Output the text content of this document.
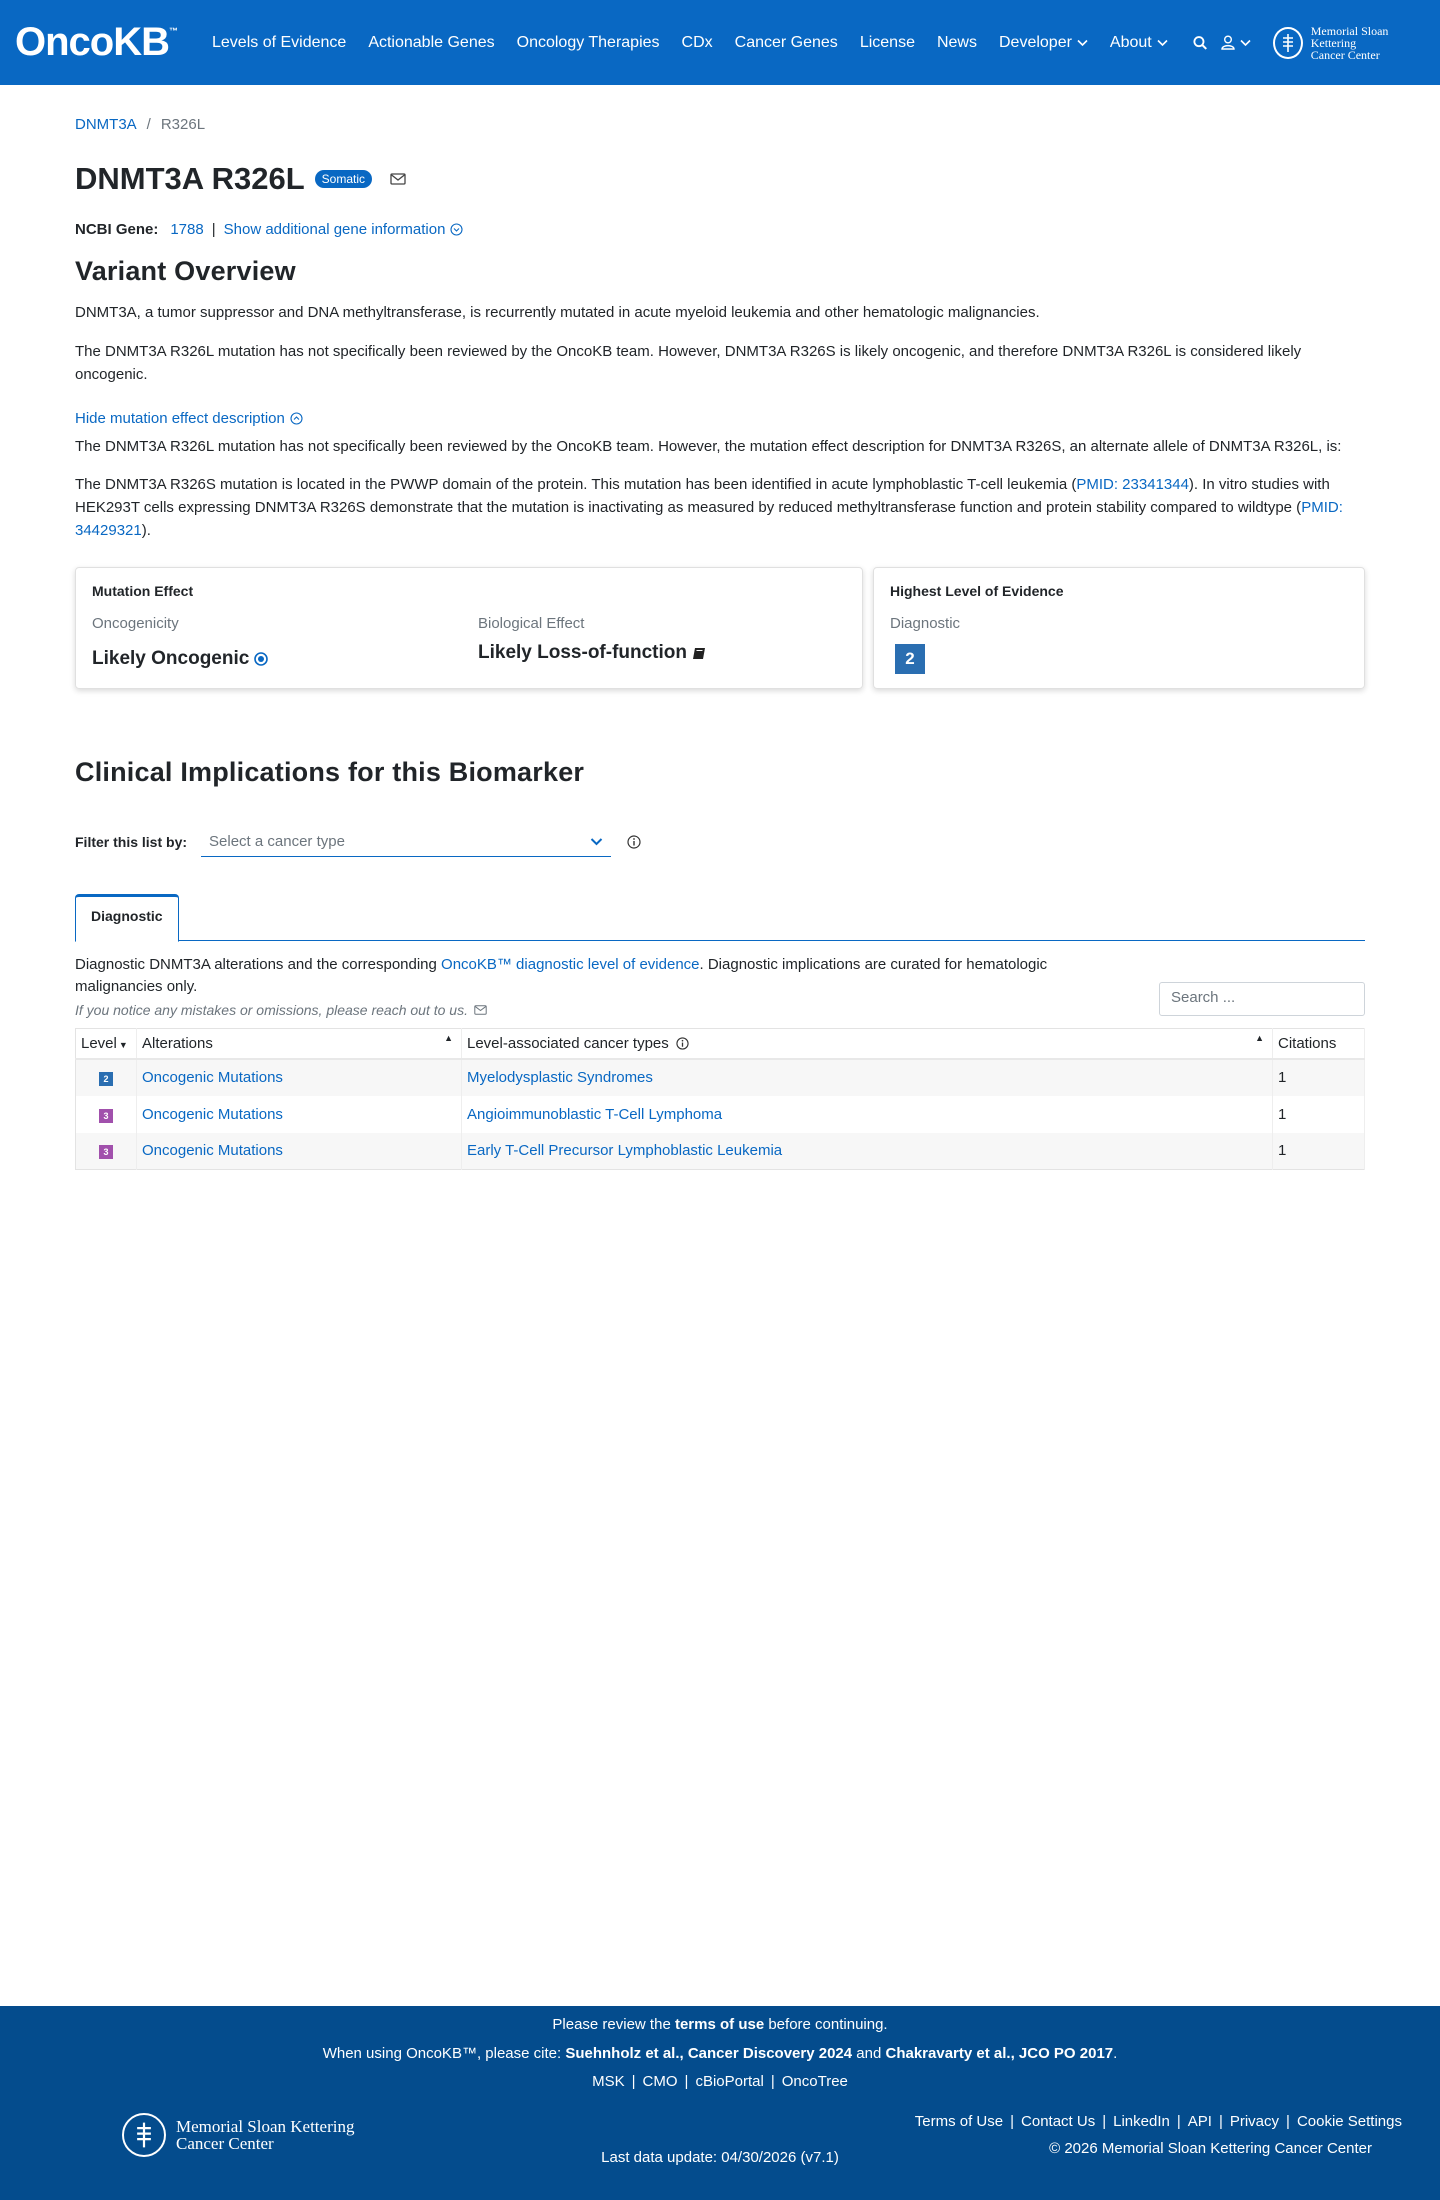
OncoKB ™
Levels of Evidence Actionable Genes Oncology Therapies CDx Cancer Genes License News Developer About
Memorial Sloan Kettering
Cancer Center
DNMT3A / R326L
DNMT3A R326L	Somatic
NCBI Gene: 1788 | Show additional gene information
Variant Overview

DNMT3A, a tumor suppressor and DNA methyltransferase, is recurrently mutated in acute myeloid leukemia and other hematologic malignancies.

The DNMT3A R326L mutation has not specifically been reviewed by the OncoKB team. However, DNMT3A R326S is likely oncogenic, and therefore DNMT3A R326L is considered likely oncogenic.

Hide mutation effect description

The DNMT3A R326L mutation has not specifically been reviewed by the OncoKB team. However, the mutation effect description for DNMT3A R326S, an alternate allele of DNMT3A R326L, is:

The DNMT3A R326S mutation is located in the PWWP domain of the protein. This mutation has been identified in acute lymphoblastic T-cell leukemia (PMID: 23341344). In vitro studies with HEK293T cells expressing DNMT3A R326S demonstrate that the mutation is inactivating as measured by reduced methyltransferase function and protein stability compared to wildtype (PMID: 34429321).

Mutation Effect
Oncogenicity
Likely Oncogenic
Biological Effect
Likely Loss-of-function
Highest Level of Evidence
Diagnostic
2
Clinical Implications for this Biomarker
Filter this list by: Select a cancer type
Diagnostic
Diagnostic DNMT3A alterations and the corresponding OncoKB™ diagnostic level of evidence. Diagnostic implications are curated for hematologic malignancies only.
If you notice any mistakes or omissions, please reach out to us.
Search ...
Level ▼	Alterations ▲	Level-associated cancer types ▲	Citations
2	Oncogenic Mutations	Myelodysplastic Syndromes	1
3	Oncogenic Mutations	Angioimmunoblastic T-Cell Lymphoma	1
3	Oncogenic Mutations	Early T-Cell Precursor Lymphoblastic Leukemia	1
Please review the terms of use before continuing.
When using OncoKB™, please cite: Suehnholz et al., Cancer Discovery 2024 and Chakravarty et al., JCO PO 2017.
MSK | CMO | cBioPortal | OncoTree
Memorial Sloan Kettering
Cancer Center
Last data update: 04/30/2026 (v7.1)
Terms of Use | Contact Us | LinkedIn | API | Privacy | Cookie Settings
© 2026 Memorial Sloan Kettering Cancer Center
